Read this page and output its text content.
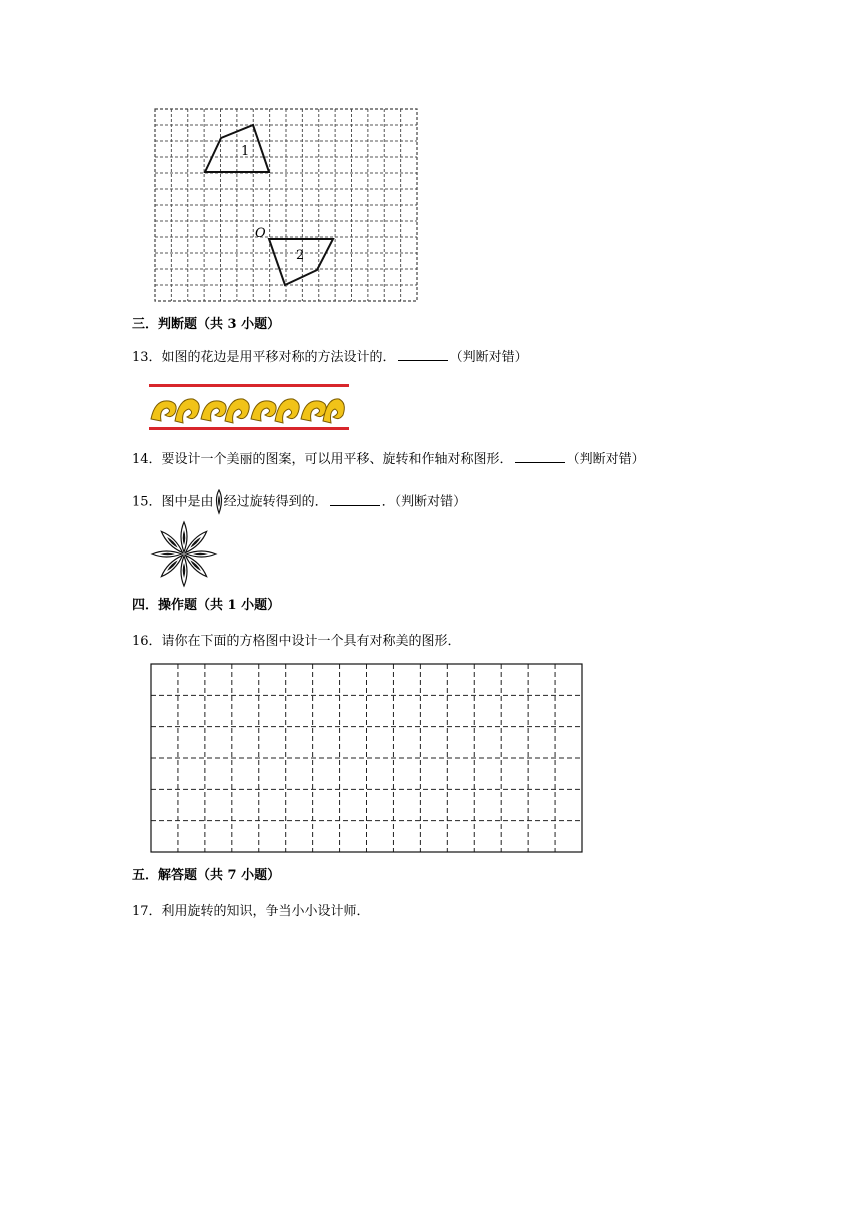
1
2
O
三．判断题（共 3 小题）
13．如图的花边是用平移对称的方法设计的．	（判断对错）
14．要设计一个美丽的图案，可以用平移、旋转和作轴对称图形．	（判断对错）
15．图中是由 经过旋转得到的．	．（判断对错）
四．操作题（共 1 小题）
16．请你在下面的方格图中设计一个具有对称美的图形．
五．解答题（共 7 小题）
17．利用旋转的知识，争当小小设计师．
